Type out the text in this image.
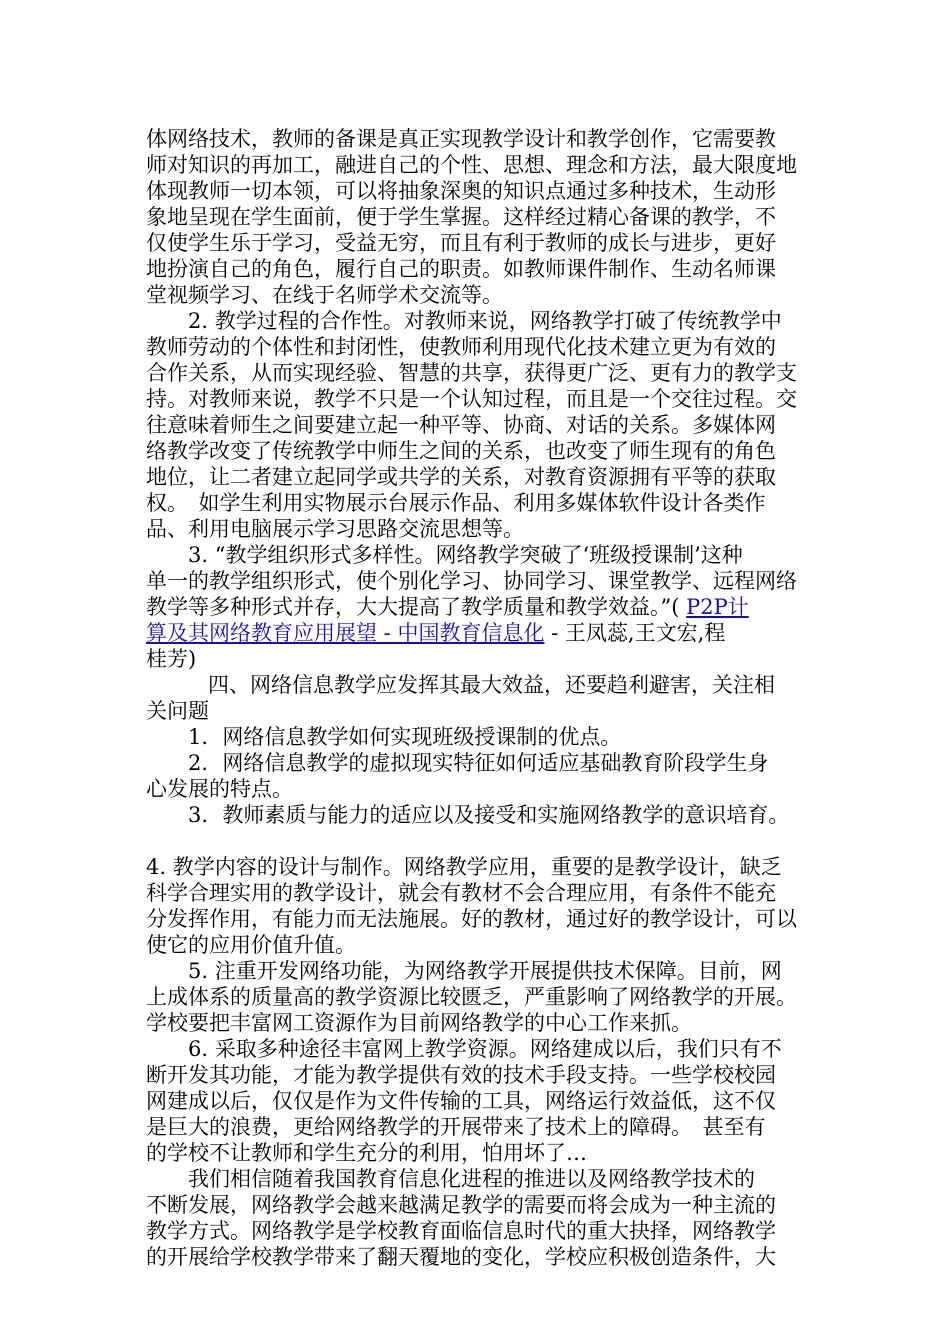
体网络技术，教师的备课是真正实现教学设计和教学创作，它需要教

师对知识的再加工，融进自己的个性、思想、理念和方法，最大限度地

体现教师一切本领，可以将抽象深奥的知识点通过多种技术，生动形

象地呈现在学生面前，便于学生掌握。这样经过精心备课的教学，不

仅使学生乐于学习，受益无穷，而且有利于教师的成长与进步，更好

地扮演自己的角色，履行自己的职责。如教师课件制作、生动名师课

堂视频学习、在线于名师学术交流等。

2. 教学过程的合作性。对教师来说，网络教学打破了传统教学中

教师劳动的个体性和封闭性，使教师利用现代化技术建立更为有效的

合作关系，从而实现经验、智慧的共享，获得更广泛、更有力的教学支

持。对教师来说，教学不只是一个认知过程，而且是一个交往过程。交

往意味着师生之间要建立起一种平等、协商、对话的关系。多媒体网

络教学改变了传统教学中师生之间的关系，也改变了师生现有的角色

地位，让二者建立起同学或共学的关系，对教育资源拥有平等的获取

权。　如学生利用实物展示台展示作品、利用多媒体软件设计各类作

品、利用电脑展示学习思路交流思想等。

3. “教学组织形式多样性。网络教学突破了‘班级授课制’这种

单一的教学组织形式，使个别化学习、协同学习、课堂教学、远程网络

教学等多种形式并存，大大提高了教学质量和教学效益。”( P2P计

算及其网络教育应用展望 - 中国教育信息化 - 王凤蕊,王文宏,程

桂芳)

四、网络信息教学应发挥其最大效益，还要趋利避害，关注相

关问题

1．网络信息教学如何实现班级授课制的优点。

2．网络信息教学的虚拟现实特征如何适应基础教育阶段学生身

心发展的特点。

3．教师素质与能力的适应以及接受和实施网络教学的意识培育。

4. 教学内容的设计与制作。网络教学应用，重要的是教学设计，缺乏

科学合理实用的教学设计，就会有教材不会合理应用，有条件不能充

分发挥作用，有能力而无法施展。好的教材，通过好的教学设计，可以

使它的应用价值升值。

5. 注重开发网络功能，为网络教学开展提供技术保障。目前，网

上成体系的质量高的教学资源比较匮乏，严重影响了网络教学的开展。

学校要把丰富网工资源作为目前网络教学的中心工作来抓。

6. 采取多种途径丰富网上教学资源。网络建成以后，我们只有不

断开发其功能，才能为教学提供有效的技术手段支持。一些学校校园

网建成以后，仅仅是作为文件传输的工具，网络运行效益低，这不仅

是巨大的浪费，更给网络教学的开展带来了技术上的障碍。　甚至有

的学校不让教师和学生充分的利用，怕用坏了…

我们相信随着我国教育信息化进程的推进以及网络教学技术的

不断发展，网络教学会越来越满足教学的需要而将会成为一种主流的

教学方式。网络教学是学校教育面临信息时代的重大抉择，网络教学

的开展给学校教学带来了翻天覆地的变化，学校应积极创造条件，大
